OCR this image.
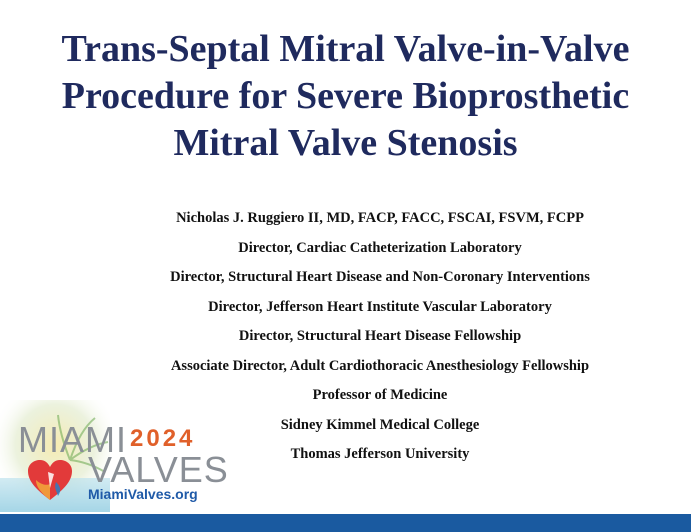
Trans-Septal Mitral Valve-in-Valve
Procedure for Severe Bioprosthetic
Mitral Valve Stenosis
Nicholas J. Ruggiero II, MD, FACP, FACC, FSCAI, FSVM, FCPP
Director, Cardiac Catheterization Laboratory
Director, Structural Heart Disease and Non-Coronary Interventions
Director, Jefferson Heart Institute Vascular Laboratory
Director, Structural Heart Disease Fellowship
Associate Director, Adult Cardiothoracic Anesthesiology Fellowship
Professor of Medicine
Sidney Kimmel Medical College
Thomas Jefferson University
MIAMI 2024
VALVES
MiamiValves.org
